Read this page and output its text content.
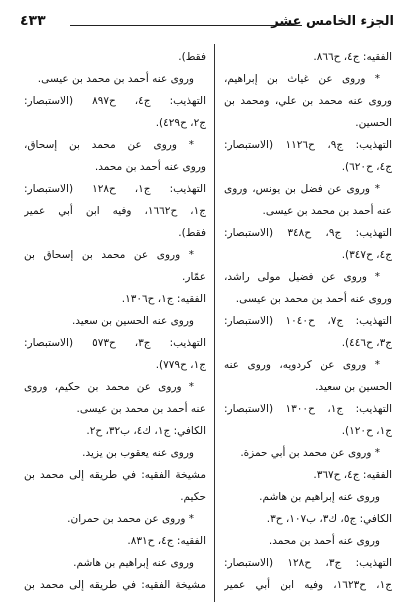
الجزء الخامس عشر
٤٣٣
الفقيه: ج٤، ح٨٦٦.
* وروى عن غياث بن إبراهيم،
وروى عنه محمد بن علي، ومحمد بن
الحسين.
التهذيب: ج٩، ح١١٢٦ (الاستبصار:
ج٤، ح٦٢٠).
* وروى عن فضل بن يونس، وروى
عنه أحمد بن محمد بن عيسى.
التهذيب: ج٩، ح٣٤٨ (الاستبصار:
ج٤، ح٣٤٧).
* وروى عن فضيل مولى راشد،
وروى عنه أحمد بن محمد بن عيسى.
التهذيب: ج٧، ح١٠٤٠ (الاستبصار:
ج٣، ح٤٤٦).
* وروى عن كردويه، وروى عنه
الحسين بن سعيد.
التهذيب: ج١، ح١٣٠٠ (الاستبصار:
ج١، ح١٢٠).
* وروى عن محمد بن أبي حمزة.
الفقيه: ج٤، ح٣٦٧.
وروى عنه إبراهيم بن هاشم.
الكافي: ج٥، ك٣، ب١٠٧، ح٣.
وروى عنه أحمد بن محمد.
التهذيب: ج٣، ح١٢٨ (الاستبصار:
ج١، ح١٦٢٣، وفيه ابن أبي عمير
فقط).
وروى عنه أحمد بن محمد بن عيسى.
التهذيب: ج٤، ح٨٩٧ (الاستبصار:
ج٢، ح٤٢٩).
* وروى عن محمد بن إسحاق،
وروى عنه أحمد بن محمد.
التهذيب: ج١، ح١٢٨ (الاستبصار:
ج١، ح١٦٦٢، وفيه ابن أبي عمير
فقط).
* وروى عن محمد بن إسحاق بن
عمّار.
الفقيه: ج١، ح١٣٠٦.
وروى عنه الحسين بن سعيد.
التهذيب: ج٣، ح٥٧٣ (الاستبصار:
ج١، ح٧٧٩).
* وروى عن محمد بن حكيم، وروى
عنه أحمد بن محمد بن عيسى.
الكافي: ج١، ك٤، ب٣٢، ح٢.
وروى عنه يعقوب بن يزيد.
مشيخة الفقيه: في طريقه إلى محمد بن
حكيم.
* وروى عن محمد بن حمران.
الفقيه: ج٤، ح٨٣١.
وروى عنه إبراهيم بن هاشم.
مشيخة الفقيه: في طريقه إلى محمد بن
